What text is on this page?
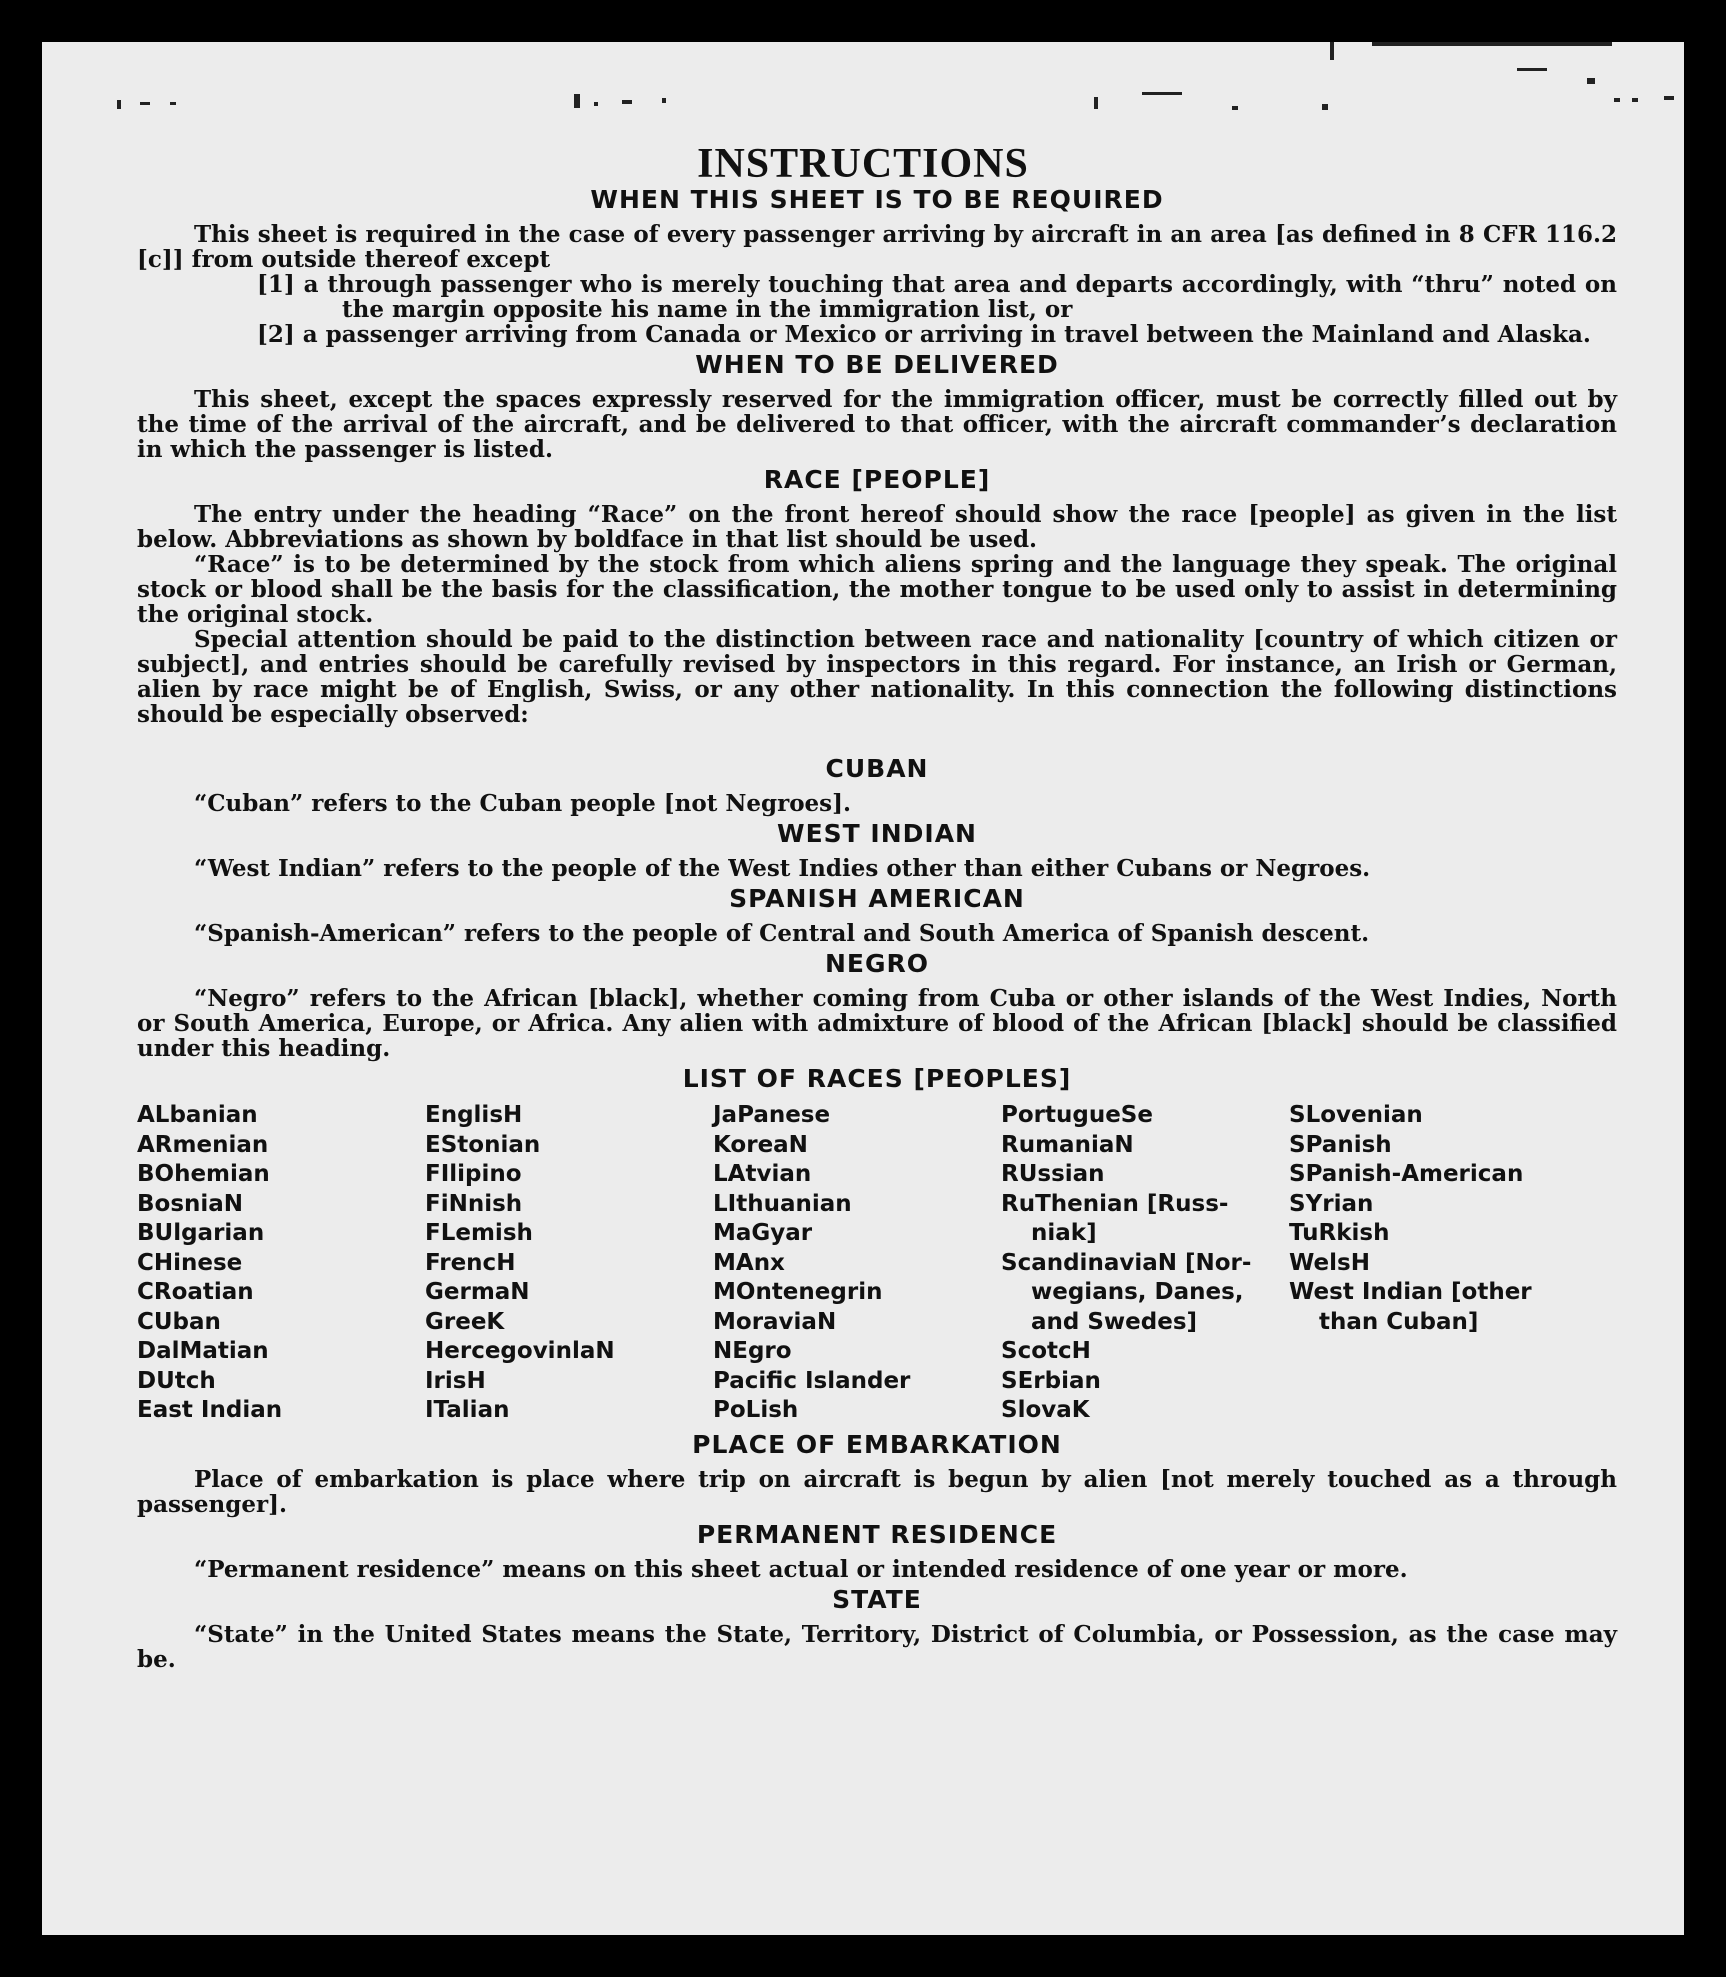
INSTRUCTIONS
WHEN THIS SHEET IS TO BE REQUIRED

This sheet is required in the case of every passenger arriving by aircraft in an area [as defined in 8 CFR 116.2 [c]] from outside thereof except

[1] a through passenger who is merely touching that area and departs accordingly, with “thru” noted on the margin opposite his name in the immigration list, or

[2] a passenger arriving from Canada or Mexico or arriving in travel between the Mainland and Alaska.

WHEN TO BE DELIVERED

This sheet, except the spaces expressly reserved for the immigration officer, must be correctly filled out by the time of the arrival of the aircraft, and be delivered to that officer, with the aircraft commander’s declaration in which the passenger is listed.

RACE [PEOPLE]

The entry under the heading “Race” on the front hereof should show the race [people] as given in the list below. Abbreviations as shown by boldface in that list should be used.

“Race” is to be determined by the stock from which aliens spring and the language they speak. The original stock or blood shall be the basis for the classification, the mother tongue to be used only to assist in determining the original stock.

Special attention should be paid to the distinction between race and nationality [country of which citizen or subject], and entries should be carefully revised by inspectors in this regard. For instance, an Irish or German, alien by race might be of English, Swiss, or any other nationality. In this connection the following distinctions should be especially observed:

CUBAN

“Cuban” refers to the Cuban people [not Negroes].

WEST INDIAN

“West Indian” refers to the people of the West Indies other than either Cubans or Negroes.

SPANISH AMERICAN

“Spanish-American” refers to the people of Central and South America of Spanish descent.

NEGRO

“Negro” refers to the African [black], whether coming from Cuba or other islands of the West Indies, North or South America, Europe, or Africa. Any alien with admixture of blood of the African [black] should be classified under this heading.

LIST OF RACES [PEOPLES]
ALbanian
ARmenian
BOhemian
BosniaN
BUlgarian
CHinese
CRoatian
CUban
DalMatian
DUtch
East Indian
EnglisH
EStonian
FIlipino
FiNnish
FLemish
FrencH
GermaN
GreeK
HercegovinlaN
IrisH
ITalian
JaPanese
KoreaN
LAtvian
LIthuanian
MaGyar
MAnx
MOntenegrin
MoraviaN
NEgro
Pacific Islander
PoLish
PortugueSe
RumaniaN
RUssian
RuThenian [Russ-
niak]
ScandinaviaN [Nor-
wegians, Danes,
and Swedes]
ScotcH
SErbian
SlovaK
SLovenian
SPanish
SPanish-American
SYrian
TuRkish
WelsH
West Indian [other
than Cuban]
PLACE OF EMBARKATION

Place of embarkation is place where trip on aircraft is begun by alien [not merely touched as a through passenger].

PERMANENT RESIDENCE

“Permanent residence” means on this sheet actual or intended residence of one year or more.

STATE

“State” in the United States means the State, Territory, District of Columbia, or Possession, as the case may be.
